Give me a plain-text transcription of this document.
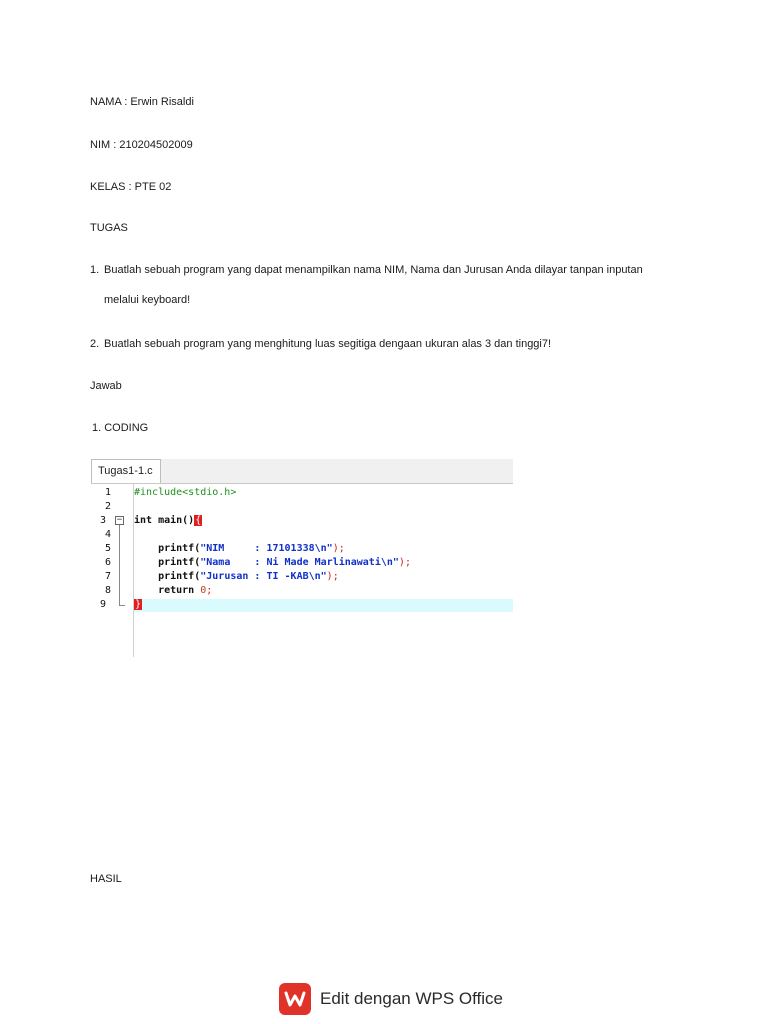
NAMA : Erwin Risaldi
NIM : 210204502009
KELAS : PTE 02
TUGAS
1. Buatlah sebuah program yang dapat menampilkan nama NIM, Nama dan Jurusan Anda dilayar tanpan inputan
melalui keyboard!
2. Buatlah sebuah program yang menghitung luas segitiga dengaan ukuran alas 3 dan tinggi7!
Jawab
1. CODING
Tugas1-1.c
1
2
3
4
5
6
7
8
9
−
#include<stdio.h>
int main(){
printf("NIM     : 17101338\n");
printf("Nama    : Ni Made Marlinawati\n");
printf("Jurusan : TI -KAB\n");
return 0;
}
HASIL
Edit dengan WPS Office
